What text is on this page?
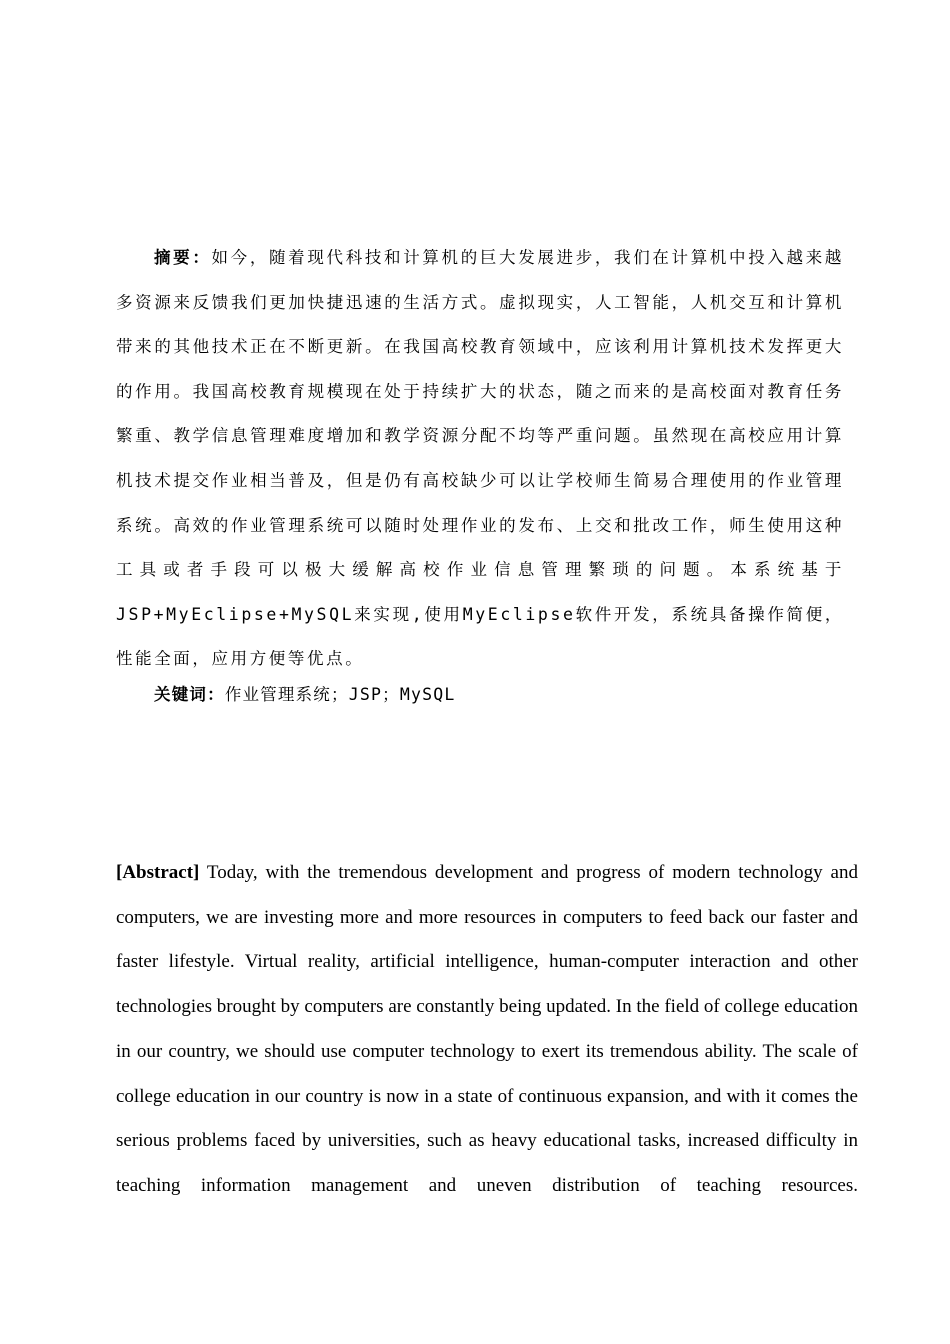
摘要：如今，随着现代科技和计算机的巨大发展进步，我们在计算机中投入越来越多资源来反馈我们更加快捷迅速的生活方式。虚拟现实，人工智能，人机交互和计算机带来的其他技术正在不断更新。在我国高校教育领域中，应该利用计算机技术发挥更大的作用。我国高校教育规模现在处于持续扩大的状态，随之而来的是高校面对教育任务繁重、教学信息管理难度增加和教学资源分配不均等严重问题。虽然现在高校应用计算机技术提交作业相当普及，但是仍有高校缺少可以让学校师生简易合理使用的作业管理系统。高效的作业管理系统可以随时处理作业的发布、上交和批改工作，师生使用这种工具或者手段可以极大缓解高校作业信息管理繁琐的问题。本系统基于JSP+MyEclipse+MySQL来实现,使用MyEclipse软件开发，系统具备操作简便，性能全面，应用方便等优点。

关键词：作业管理系统；JSP；MySQL

[Abstract] Today, with the tremendous development and progress of modern technology and computers, we are investing more and more resources in computers to feed back our faster and faster lifestyle. Virtual reality, artificial intelligence, human-computer interaction and other technologies brought by computers are constantly being updated. In the field of college education in our country, we should use computer technology to exert its tremendous ability. The scale of college education in our country is now in a state of continuous expansion, and with it comes the serious problems faced by universities, such as heavy educational tasks, increased difficulty in teaching information management and uneven distribution of teaching resources.
